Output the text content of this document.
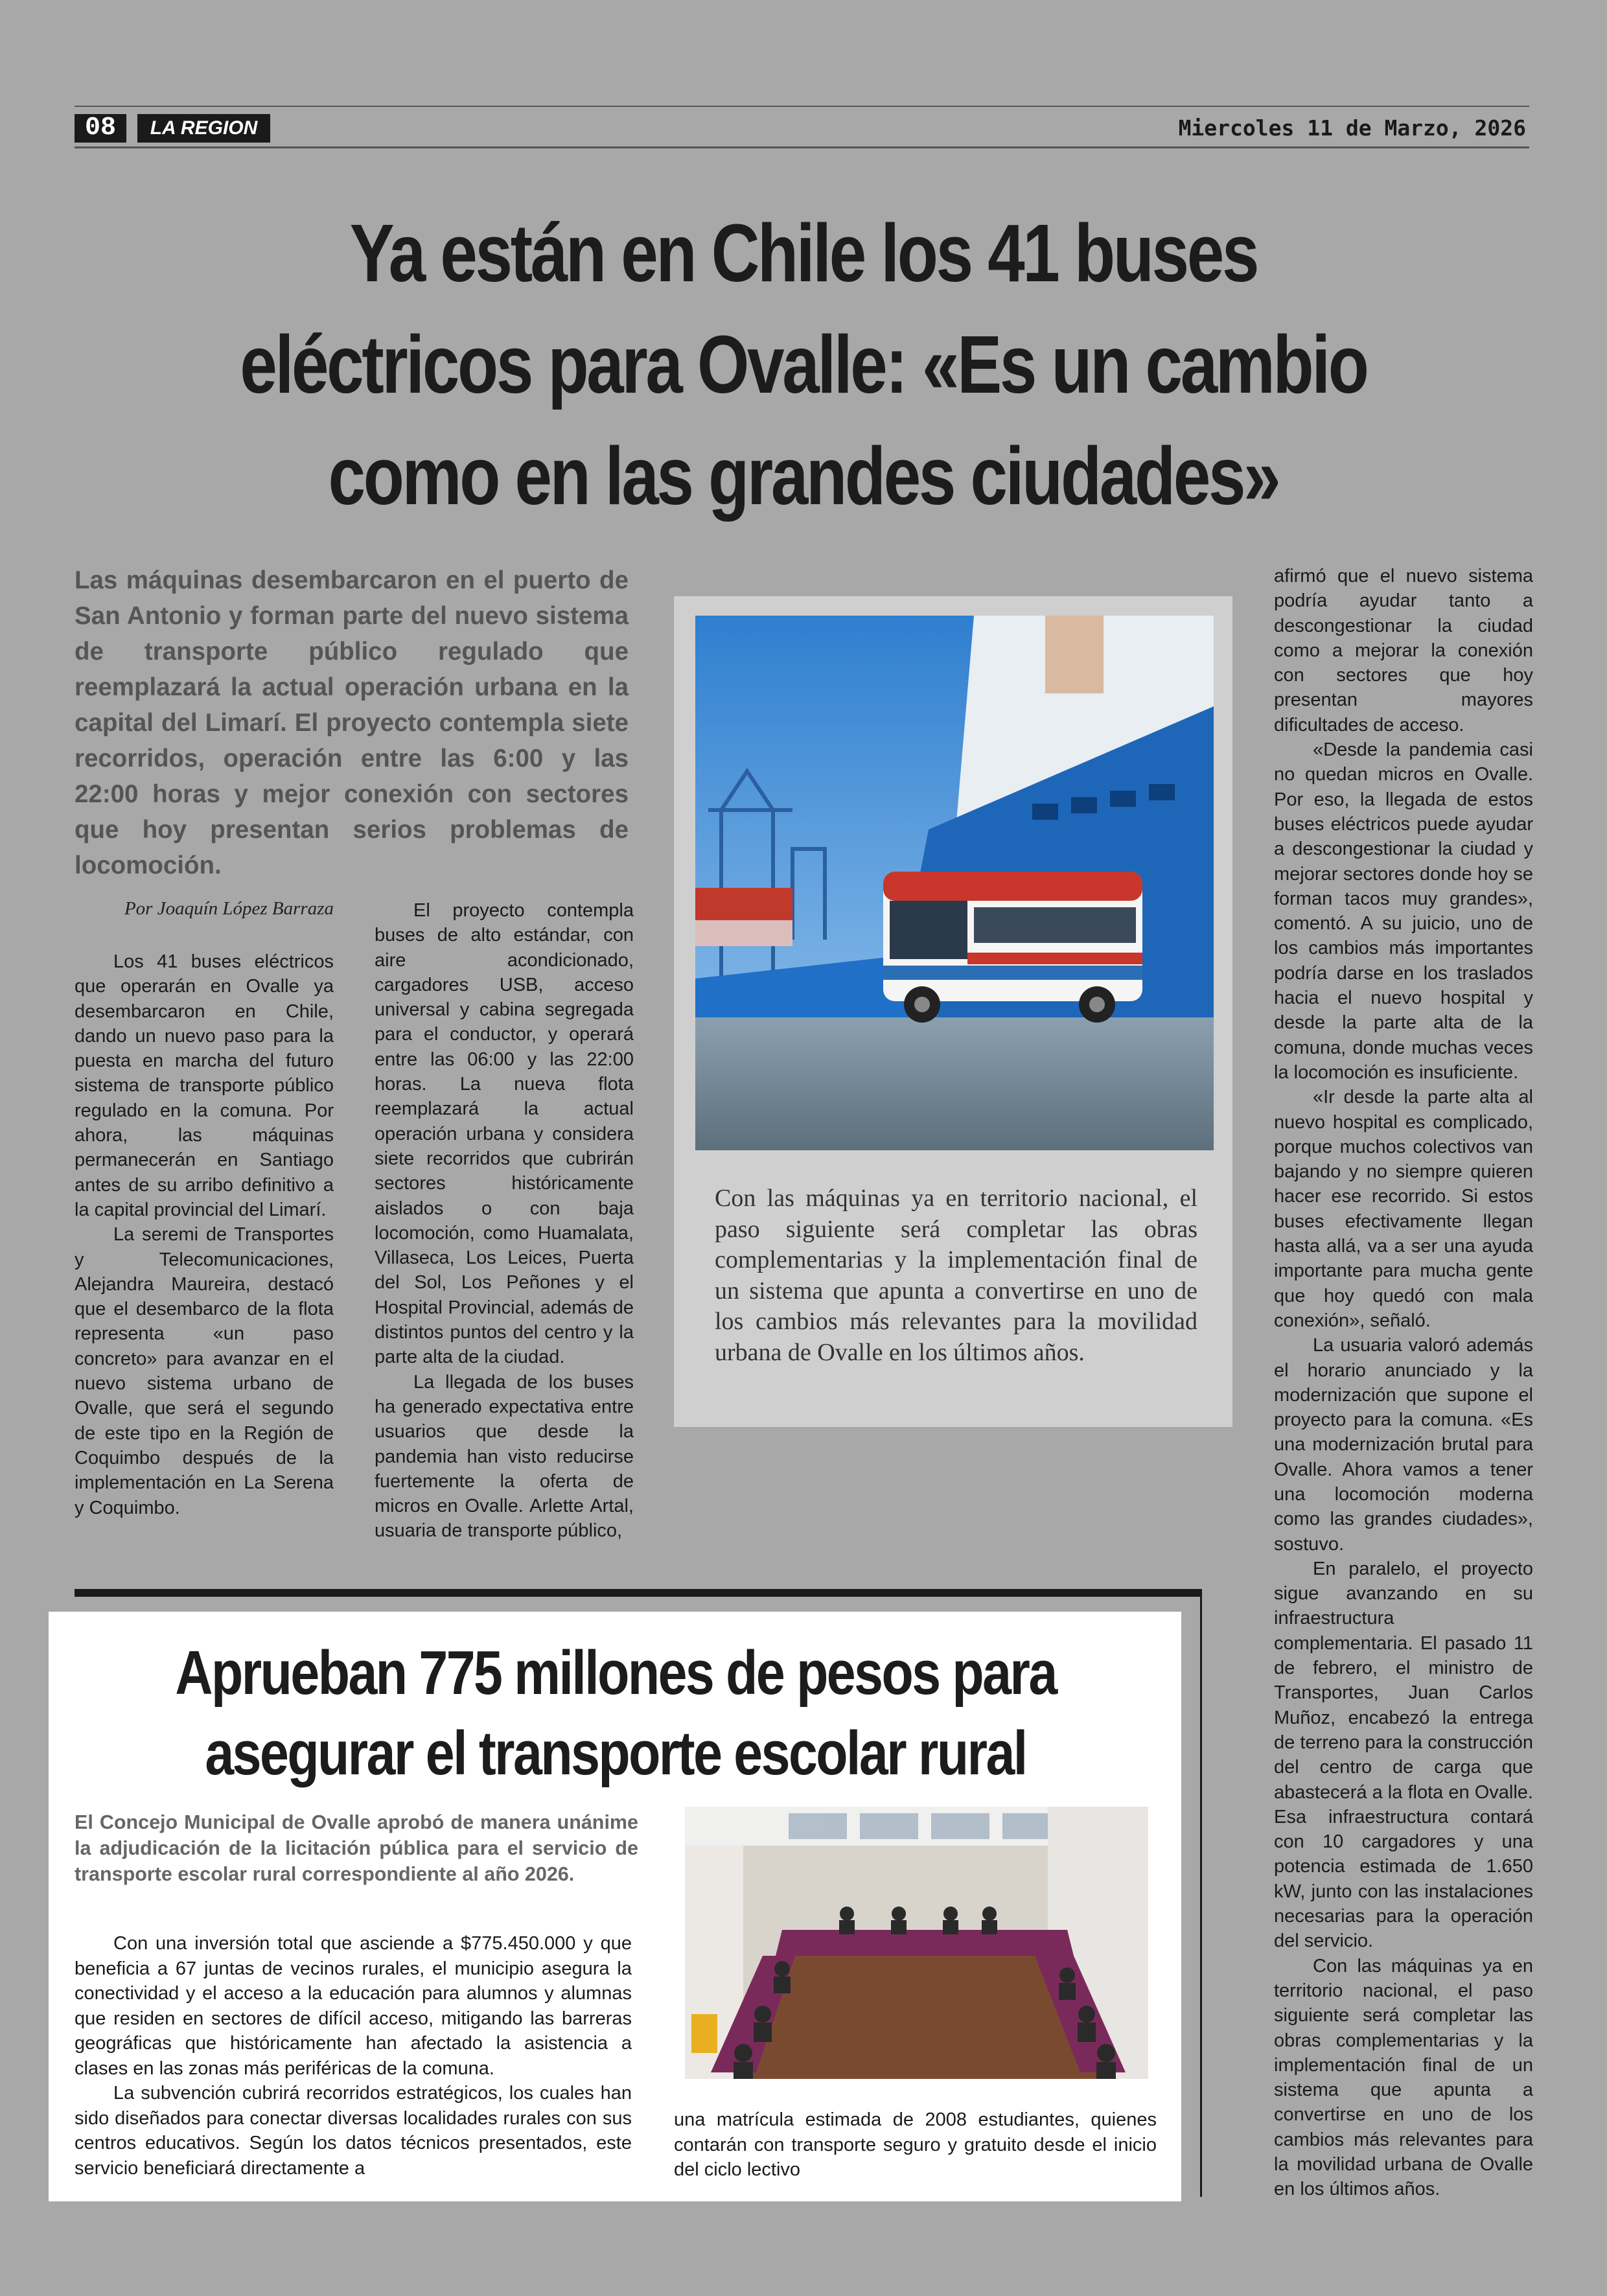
08	LA REGION	Miercoles 11 de Marzo, 2026
Ya están en Chile los 41 buses
eléctricos para Ovalle: «Es un cambio
como en las grandes ciudades»
Las máquinas desembarcaron en el puerto de San Antonio y forman parte del nuevo sistema de transporte público regulado que reemplazará la actual operación urbana en la capital del Limarí. El proyecto contempla siete recorridos, operación entre las 6:00 y las 22:00 horas y mejor conexión con sectores que hoy presentan serios problemas de locomoción.
Por Joaquín López Barraza

Los 41 buses eléctricos que operarán en Ovalle ya desembarcaron en Chile, dando un nuevo paso para la puesta en marcha del futuro sistema de transporte público regulado en la comuna. Por ahora, las máquinas permanecerán en Santiago antes de su arribo definitivo a la capital provincial del Limarí.

La seremi de Transportes y Telecomunicaciones, Alejandra Maureira, destacó que el desembarco de la flota representa «un paso concreto» para avanzar en el nuevo sistema urbano de Ovalle, que será el segundo de este tipo en la Región de Coquimbo después de la implementación en La Serena y Coquimbo.

El proyecto contempla buses de alto estándar, con aire acondicionado, cargadores USB, acceso universal y cabina segregada para el conductor, y operará entre las 06:00 y las 22:00 horas. La nueva flota reemplazará la actual operación urbana y considera siete recorridos que cubrirán sectores históricamente aislados o con baja locomoción, como Huamalata, Villaseca, Los Leices, Puerta del Sol, Los Peñones y el Hospital Provincial, además de distintos puntos del centro y la parte alta de la ciudad.

La llegada de los buses ha generado expectativa entre usuarios que desde la pandemia han visto reducirse fuertemente la oferta de micros en Ovalle. Arlette Artal, usuaria de transporte público,

Con las máquinas ya en territorio nacional, el paso siguiente será completar las obras complementarias y la implementación final de un sistema que apunta a convertirse en uno de los cambios más relevantes para la movilidad urbana de Ovalle en los últimos años.

afirmó que el nuevo sistema podría ayudar tanto a descongestionar la ciudad como a mejorar la conexión con sectores que hoy presentan mayores dificultades de acceso.

«Desde la pandemia casi no quedan micros en Ovalle. Por eso, la llegada de estos buses eléctricos puede ayudar a descongestionar la ciudad y mejorar sectores donde hoy se forman tacos muy grandes», comentó. A su juicio, uno de los cambios más importantes podría darse en los traslados hacia el nuevo hospital y desde la parte alta de la comuna, donde muchas veces la locomoción es insuficiente.

«Ir desde la parte alta al nuevo hospital es complicado, porque muchos colectivos van bajando y no siempre quieren hacer ese recorrido. Si estos buses efectivamente llegan hasta allá, va a ser una ayuda importante para mucha gente que hoy quedó con mala conexión», señaló.

La usuaria valoró además el horario anunciado y la modernización que supone el proyecto para la comuna. «Es una modernización brutal para Ovalle. Ahora vamos a tener una locomoción moderna como las grandes ciudades», sostuvo.

En paralelo, el proyecto sigue avanzando en su infraestructura complementaria. El pasado 11 de febrero, el ministro de Transportes, Juan Carlos Muñoz, encabezó la entrega de terreno para la construcción del centro de carga que abastecerá a la flota en Ovalle. Esa infraestructura contará con 10 cargadores y una potencia estimada de 1.650 kW, junto con las instalaciones necesarias para la operación del servicio.

Con las máquinas ya en territorio nacional, el paso siguiente será completar las obras complementarias y la implementación final de un sistema que apunta a convertirse en uno de los cambios más relevantes para la movilidad urbana de Ovalle en los últimos años.

Aprueban 775 millones de pesos para
asegurar el transporte escolar rural
El Concejo Municipal de Ovalle aprobó de manera unánime la adjudicación de la licitación pública para el servicio de transporte escolar rural correspondiente al año 2026.

Con una inversión total que asciende a $775.450.000 y que beneficia a 67 juntas de vecinos rurales, el municipio asegura la conectividad y el acceso a la educación para alumnos y alumnas que residen en sectores de difícil acceso, mitigando las barreras geográficas que históricamente han afectado la asistencia a clases en las zonas más periféricas de la comuna.

La subvención cubrirá recorridos estratégicos, los cuales han sido diseñados para conectar diversas localidades rurales con sus centros educativos. Según los datos técnicos presentados, este servicio beneficiará directamente a

una matrícula estimada de 2008 estudiantes, quienes contarán con transporte seguro y gratuito desde el inicio del ciclo lectivo
